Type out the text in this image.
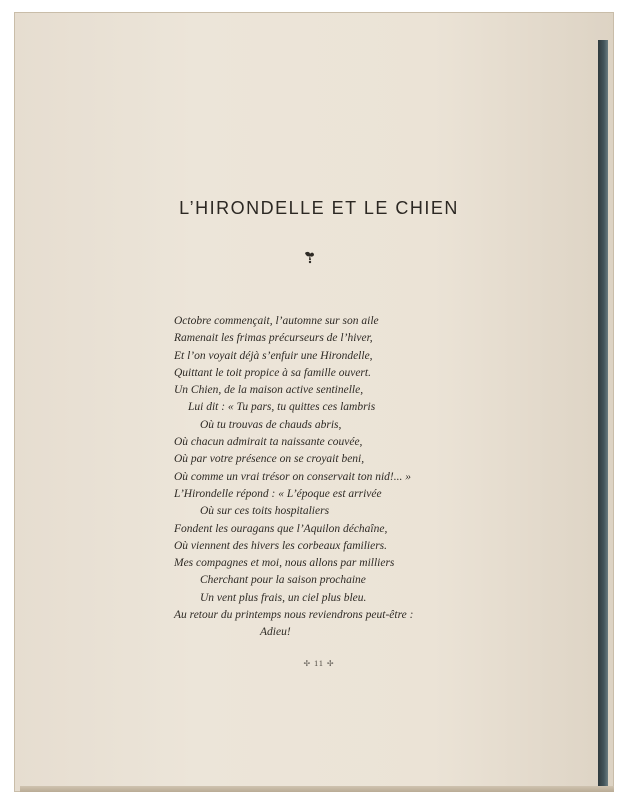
L’HIRONDELLE ET LE CHIEN
Octobre commençait, l’automne sur son aile
Ramenait les frimas précurseurs de l’hiver,
Et l’on voyait déjà s’enfuir une Hirondelle,
Quittant le toit propice à sa famille ouvert.
Un Chien, de la maison active sentinelle,
Lui dit : « Tu pars, tu quittes ces lambris
Où tu trouvas de chauds abris,
Où chacun admirait ta naissante couvée,
Où par votre présence on se croyait beni,
Où comme un vrai trésor on conservait ton nid!... »
L’Hirondelle répond : « L’époque est arrivée
Où sur ces toits hospitaliers
Fondent les ouragans que l’Aquilon déchaîne,
Où viennent des hivers les corbeaux familiers.
Mes compagnes et moi, nous allons par milliers
Cherchant pour la saison prochaine
Un vent plus frais, un ciel plus bleu.
Au retour du printemps nous reviendrons peut-être :
Adieu!
✢ 11 ✢
